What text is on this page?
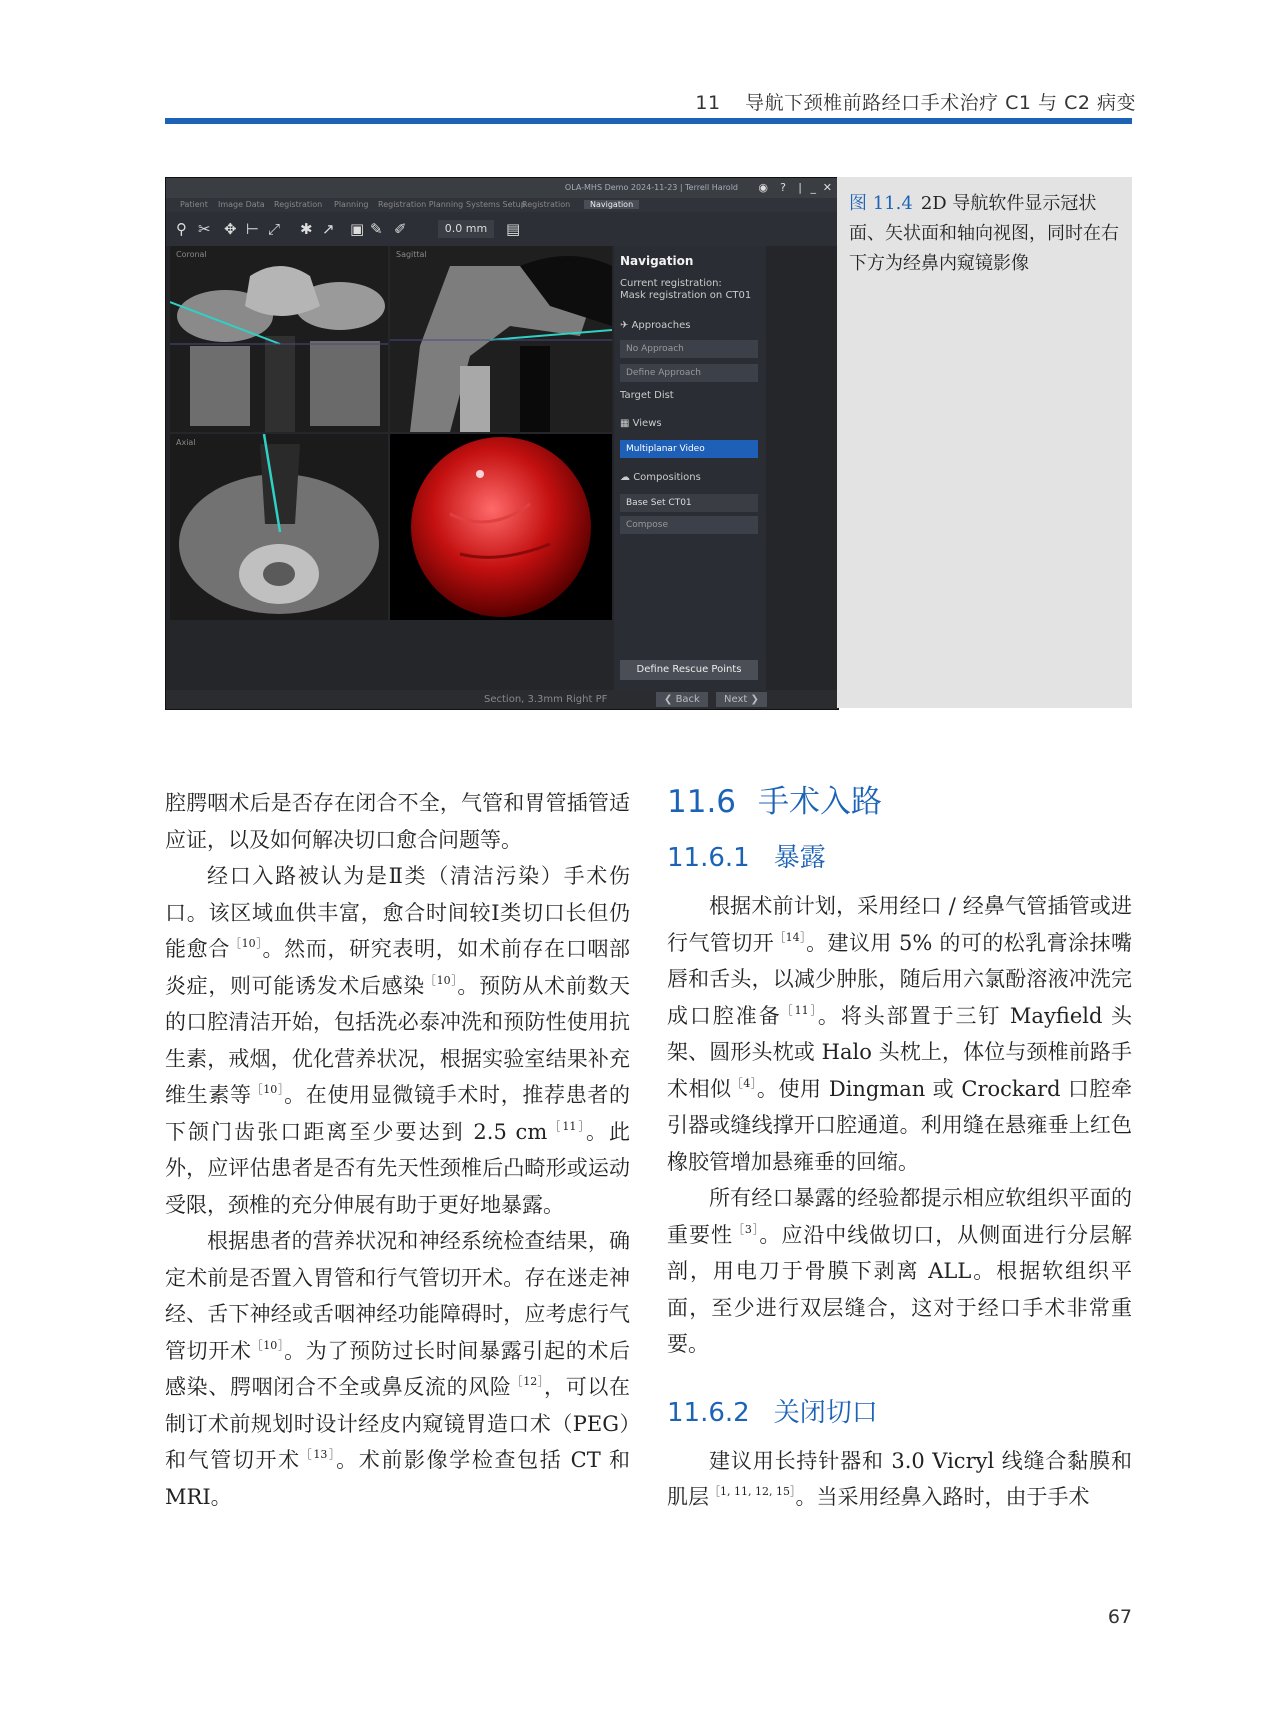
11 导航下颈椎前路经口手术治疗 C1 与 C2 病变
OLA-MHS Demo 2024-11-23 | Terrell Harold ◉ ? | _ ✕
Patient Image Data Registration Planning Registration Planning Systems Setup
Registration	Navigation
⚲ ✂ ✥ ⊢ ⤢ ✱ ↗ ▣ ✎ ✐	0.0 mm	▤
Coronal	Sagittal
Axial
Navigation
Current registration:
Mask registration on CT01
✈ Approaches
No Approach
Define Approach
Target Dist
▦ Views
Multiplanar Video
☁ Compositions
Base Set CT01
Compose
Define Rescue Points
Section, 3.3mm Right PF	❮ Back	Next ❯
图 11.4 2D 导航软件显示冠状面、矢状面和轴向视图，同时在右下方为经鼻内窥镜影像

腔腭咽术后是否存在闭合不全，气管和胃管插管适应证，以及如何解决切口愈合问题等。

经口入路被认为是Ⅱ类（清洁污染）手术伤口。该区域血供丰富，愈合时间较Ⅰ类切口长但仍能愈合$^{[10]}$。然而，研究表明，如术前存在口咽部炎症，则可能诱发术后感染$^{[10]}$。预防从术前数天的口腔清洁开始，包括洗必泰冲洗和预防性使用抗生素，戒烟，优化营养状况，根据实验室结果补充维生素等$^{[10]}$。在使用显微镜手术时，推荐患者的下颌门齿张口距离至少要达到 2.5 $cm^{[11]}$。此外，应评估患者是否有先天性颈椎后凸畸形或运动受限，颈椎的充分伸展有助于更好地暴露。

根据患者的营养状况和神经系统检查结果，确定术前是否置入胃管和行气管切开术。存在迷走神经、舌下神经或舌咽神经功能障碍时，应考虑行气管切开术$^{[10]}$。为了预防过长时间暴露引起的术后感染、腭咽闭合不全或鼻反流的风险$^{[12]}$，可以在制订术前规划时设计经皮内窥镜胃造口术（PEG）和气管切开术$^{[13]}$。术前影像学检查包括 CT 和 MRI。

11.6 手术入路
11.6.1 暴露

根据术前计划，采用经口 / 经鼻气管插管或进行气管切开$^{[14]}$。建议用 5% 的可的松乳膏涂抹嘴唇和舌头，以减少肿胀，随后用六氯酚溶液冲洗完成口腔准备$^{[11]}$。将头部置于三钉 Mayfield 头架、圆形头枕或 Halo 头枕上，体位与颈椎前路手术相似$^{[4]}$。使用 Dingman 或 Crockard 口腔牵引器或缝线撑开口腔通道。利用缝在悬雍垂上红色橡胶管增加悬雍垂的回缩。

所有经口暴露的经验都提示相应软组织平面的重要性$^{[3]}$。应沿中线做切口，从侧面进行分层解剖，用电刀于骨膜下剥离 ALL。根据软组织平面，至少进行双层缝合，这对于经口手术非常重要。

11.6.2 关闭切口

建议用长持针器和 3.0 Vicryl 线缝合黏膜和肌层$^{[1, 11, 12, 15]}$。当采用经鼻入路时，由于手术

67
